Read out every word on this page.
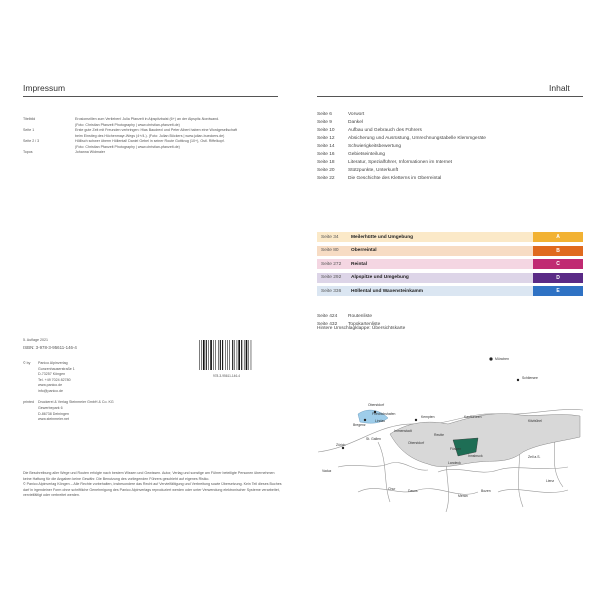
Impressum	Inhalt
Titelbild	Erosionsrillen zum Verlieben! Julia Pfanzelt in Alpspitzbaist (6+) an der Alpspitz-Nordwand.
(Foto: Christian Pfanzelt Photography | www.christian-pfanzelt.de)
Seite 1	Erste gute Zeit mit Freunden verbringen: Hias Baudrexl und Peter Albert haben eine Wordgesellschaft
beim Einstieg des Höchenmayr-Wegs (4+/4-). (Foto: Julian Böckers | www.julian-bueckers.de)
Seite 2 / 3	Höllisch schwer überm Höllental! Daniel Gebel in seiner Route Gottkrug (10+), Ostl. Riffelkopf.
(Foto: Christian Pfanzelt Photography | www.christian-pfanzelt.de)
Topos	Johanna Widmaier
Seite 6	Vorwort
Seite 9	Dankel
Seite 10	Aufbau und Gebrauch des Führers
Seite 12	Absicherung und Ausrüstung, Umrechnungstabelle Klemmgeräte
Seite 14	Schwierigkeitsbewertung
Seite 16	Gebietseinteilung
Seite 18	Literatur, Spezialführer, Informationen im Internet
Seite 20	Stützpunkte, Unterkunft
Seite 22	Die Geschichte des Kletterns im Oberreintal
Seite 34	Meilerhütte und Umgebung	A
Seite 80	Oberreintal	B
Seite 272	Reintal	C
Seite 292	Alpspitze und Umgebung	D
Seite 336	Höllental und Waxensteinkamm	E
Seite 424	Routenliste
Seite 432	Topokartenliste
Hintere Umschlagklappe: Übersichtskarte
5. Auflage 2021
ISBN: 3-978-3-95611-146-4
978-3-95611-146-4
© by	Panico Alpinverlag
Gunzenhauserstraße 1
D-73257 Köngen
Tel. +49 7024 82780
www.panico.de
info@panico.de
printed	Druckerei & Verlag Steinmeier GmbH & Co. KG
Gewerbepark 6
D-86738 Deiningen
www.steinmeier.net
Die Beschreibung aller Wege und Routen erfolgte nach bestem Wissen und Gewissen. Autor, Verlag und sonstige am Führer beteiligte Personen übernehmen keine Haftung für die Angaben keine Gewähr. Die Benutzung des vorliegenden Führers geschieht auf eigenes Risiko.
© Panico Alpinverlag Köngen – Alle Rechte vorbehalten, insbesondere das Recht auf Vervielfältigung und Verbreitung sowie Übersetzung. Kein Teil dieses Buches darf in irgendeiner Form ohne schriftliche Genehmigung des Panico Alpinverlags reproduziert werden oder unter Verwendung elektronischer Systeme verarbeitet, vervielfältigt oder verbreitet werden.
München
Oberstdorf
Friedrichshafen
Lindau
Kempten
Bregenz
Immenstadt
Kaufbeuren
Schliersee
St. Gallen
Oberstdorf
Reutte
Füssen
Zürich
Chur	Davos
Landeck
Innsbruck	Zell a.S.
Lienz
Meran
Bozen
Kitzbühel
Vaduz
